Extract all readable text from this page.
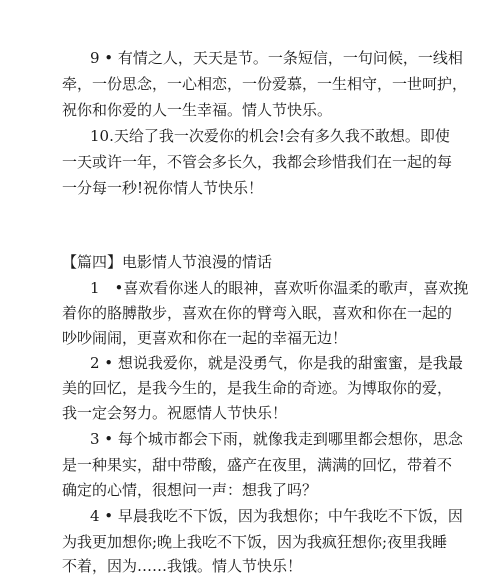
9 • 有情之人，天天是节。一条短信，一句问候，一线相
牵，一份思念，一心相恋，一份爱慕，一生相守，一世呵护，
祝你和你爱的人一生幸福。情人节快乐。
10.天给了我一次爱你的机会!会有多久我不敢想。即使
一天或许一年，不管会多长久，我都会珍惜我们在一起的每
一分每一秒!祝你情人节快乐！
【篇四】电影情人节浪漫的情话
1　•喜欢看你迷人的眼神，喜欢听你温柔的歌声，喜欢挽
着你的胳膊散步，喜欢在你的臂弯入眠，喜欢和你在一起的
吵吵闹闹，更喜欢和你在一起的幸福无边！
2 • 想说我爱你，就是没勇气，你是我的甜蜜蜜，是我最
美的回忆，是我今生的，是我生命的奇迹。为博取你的爱，
我一定会努力。祝愿情人节快乐！
3 • 每个城市都会下雨，就像我走到哪里都会想你，思念
是一种果实，甜中带酸，盛产在夜里，满满的回忆，带着不
确定的心情，很想问一声：想我了吗？
4 • 早晨我吃不下饭，因为我想你；中午我吃不下饭，因
为我更加想你;晚上我吃不下饭，因为我疯狂想你;夜里我睡
不着，因为……我饿。情人节快乐！
